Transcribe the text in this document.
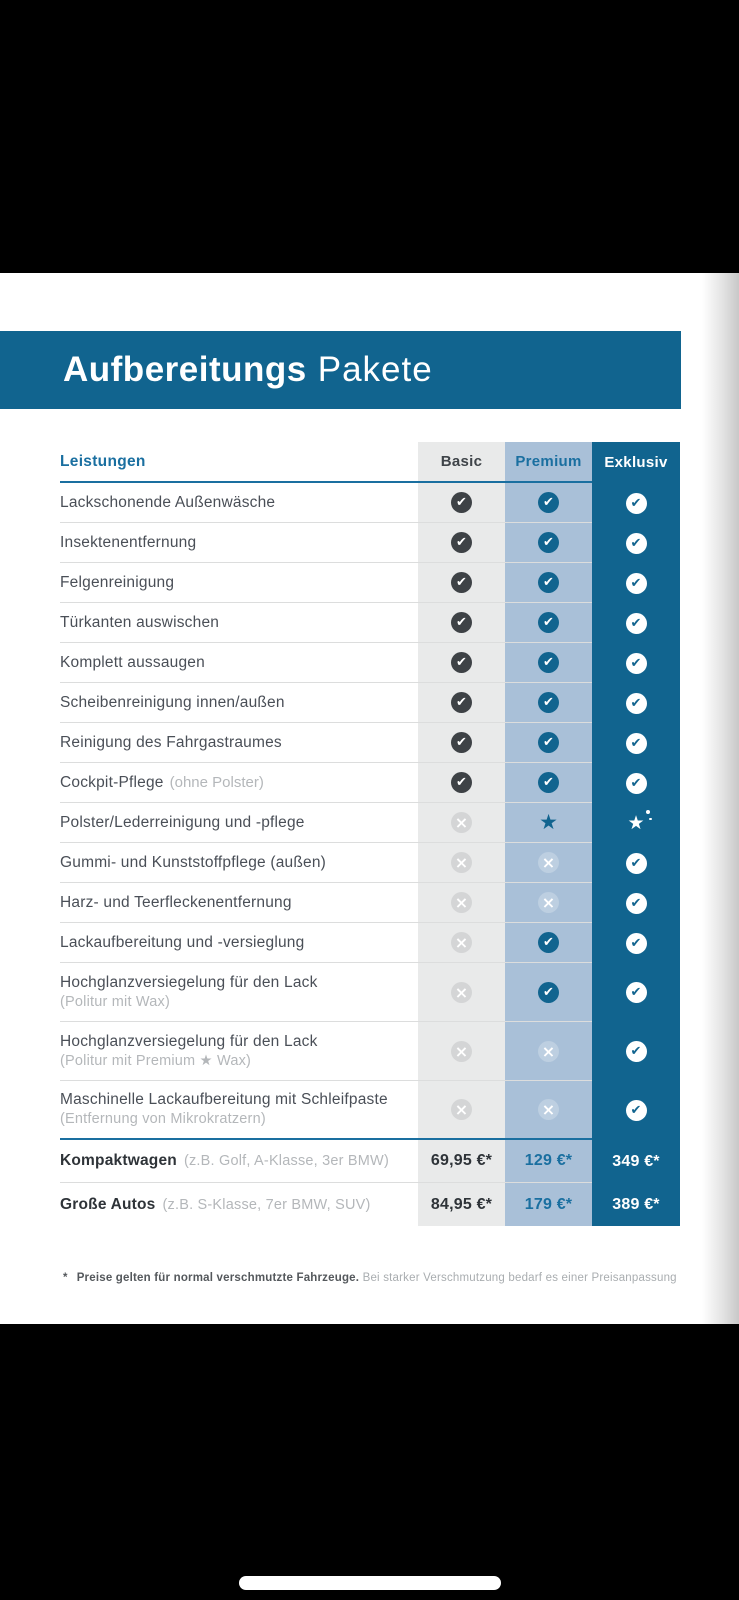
Aufbereitungs Pakete
Leistungen	Basic	Premium	Exklusiv
Lackschonende Außenwäsche	✔	✔	✔
Insektenentfernung	✔	✔	✔
Felgenreinigung	✔	✔	✔
Türkanten auswischen	✔	✔	✔
Komplett aussaugen	✔	✔	✔
Scheibenreinigung innen/außen	✔	✔	✔
Reinigung des Fahrgastraumes	✔	✔	✔
Cockpit-Pflege (ohne Polster)	✔	✔	✔
Polster/Lederreinigung und -pflege	×	★	★
Gummi- und Kunststoffpflege (außen)	×	×	✔
Harz- und Teerfleckenentfernung	×	×	✔
Lackaufbereitung und -versieglung	×	✔	✔
Hochglanzversiegelung für den Lack
(Politur mit Wax)	×	✔	✔
Hochglanzversiegelung für den Lack
(Politur mit Premium ★ Wax)	×	×	✔
Maschinelle Lackaufbereitung mit Schleifpaste
(Entfernung von Mikrokratzern)	×	×	✔
Kompaktwagen (z.B. Golf, A-Klasse, 3er BMW)	69,95 €*	129 €*	349 €*
Große Autos (z.B. S-Klasse, 7er BMW, SUV)	84,95 €*	179 €*	389 €*

* Preise gelten für normal verschmutzte Fahrzeuge. Bei starker Verschmutzung bedarf es einer Preisanpassung
